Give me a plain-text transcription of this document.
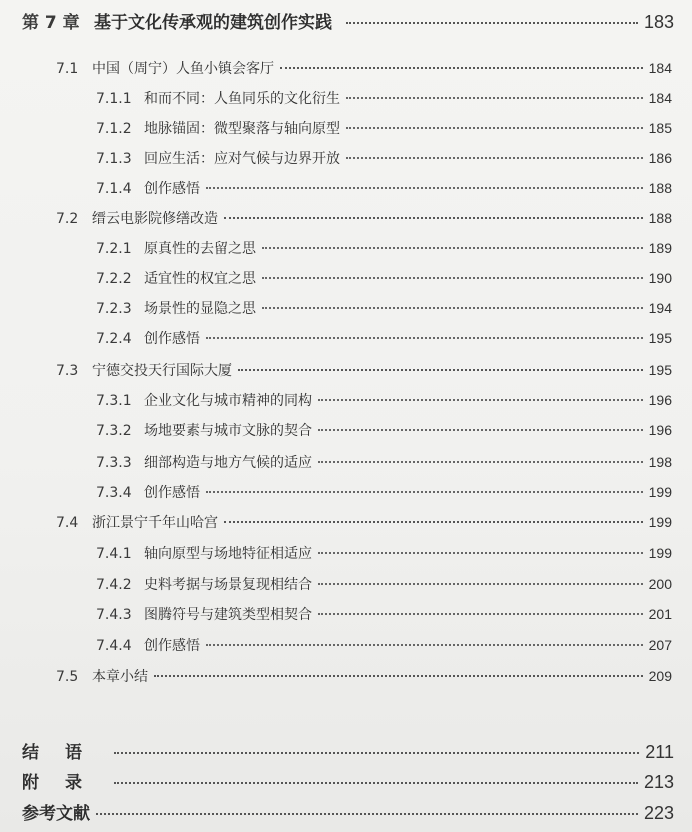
第 7 章 基于文化传承观的建筑创作实践	183
7.1 中国（周宁）人鱼小镇会客厅	184
7.1.1 和而不同：人鱼同乐的文化衍生	184
7.1.2 地脉锚固：微型聚落与轴向原型	185
7.1.3 回应生活：应对气候与边界开放	186
7.1.4 创作感悟	188
7.2 缙云电影院修缮改造	188
7.2.1 原真性的去留之思	189
7.2.2 适宜性的权宜之思	190
7.2.3 场景性的显隐之思	194
7.2.4 创作感悟	195
7.3 宁德交投天行国际大厦	195
7.3.1 企业文化与城市精神的同构	196
7.3.2 场地要素与城市文脉的契合	196
7.3.3 细部构造与地方气候的适应	198
7.3.4 创作感悟	199
7.4 浙江景宁千年山哈宫	199
7.4.1 轴向原型与场地特征相适应	199
7.4.2 史料考据与场景复现相结合	200
7.4.3 图腾符号与建筑类型相契合	201
7.4.4 创作感悟	207
7.5 本章小结	209
结语	211
附录	213
参考文献	223
